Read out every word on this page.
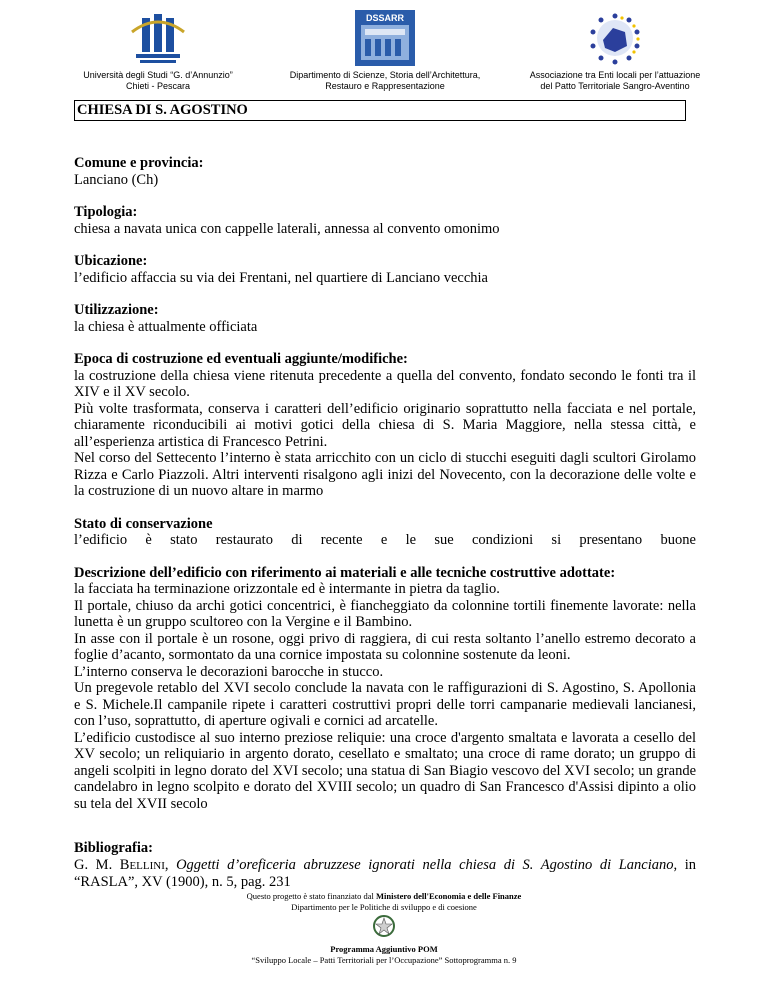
Università degli Studi “G. d’Annunzio”
Chieti - Pescara
DSSARR
Dipartimento di Scienze, Storia dell’Architettura,
Restauro e Rappresentazione
Associazione tra Enti locali per l’attuazione
del Patto Territoriale Sangro-Aventino
CHIESA DI S. AGOSTINO
Comune e provincia:
Lanciano (Ch)
Tipologia:
chiesa a navata unica con cappelle laterali, annessa al convento omonimo
Ubicazione:
l’edificio affaccia su via dei Frentani, nel quartiere di Lanciano vecchia
Utilizzazione:
la chiesa è attualmente officiata
Epoca di costruzione ed eventuali aggiunte/modifiche:

la costruzione della chiesa viene ritenuta precedente a quella del convento, fondato secondo le fonti tra il XIV e il XV secolo.

Più volte trasformata, conserva i caratteri dell’edificio originario soprattutto nella facciata e nel portale, chiaramente riconducibili ai motivi gotici della chiesa di S. Maria Maggiore, nella stessa città, e all’esperienza artistica di Francesco Petrini.

Nel corso del Settecento l’interno è stata arricchito con un ciclo di stucchi eseguiti dagli scultori Girolamo Rizza e Carlo Piazzoli. Altri interventi risalgono agli inizi del Novecento, con la decorazione delle volte e la costruzione di un nuovo altare in marmo

Stato di conservazione
l’edificio è stato restaurato di recente e le sue condizioni si presentano buone
Descrizione dell’edificio con riferimento ai materiali e alle tecniche costruttive adottate:

la facciata ha terminazione orizzontale ed è intermante in pietra da taglio.

Il portale, chiuso da archi gotici concentrici, è fiancheggiato da colonnine tortili finemente lavorate: nella lunetta è un gruppo scultoreo con la Vergine e il Bambino.

In asse con il portale è un rosone, oggi privo di raggiera, di cui resta soltanto l’anello estremo decorato a foglie d’acanto, sormontato da una cornice impostata su colonnine sostenute da leoni.

L’interno conserva le decorazioni barocche in stucco.

Un pregevole retablo del XVI secolo conclude la navata con le raffigurazioni di S. Agostino, S. Apollonia e S. Michele.Il campanile ripete i caratteri costruttivi propri delle torri campanarie medievali lancianesi, con l’uso, soprattutto, di aperture ogivali e cornici ad arcatelle.

L’edificio custodisce al suo interno preziose reliquie: una croce d'argento smaltata e lavorata a cesello del XV secolo; un reliquiario in argento dorato, cesellato e smaltato; una croce di rame dorato; un gruppo di angeli scolpiti in legno dorato del XVI secolo; una statua di San Biagio vescovo del XVI secolo; un grande candelabro in legno scolpito e dorato del XVIII secolo; un quadro di San Francesco d'Assisi dipinto a olio su tela del XVII secolo

Bibliografia:
G. M. BELLINI, Oggetti d’oreficeria abruzzese ignorati nella chiesa di S. Agostino di Lanciano, in “RASLA”, XV (1900), n. 5, pag. 231
Questo progetto è stato finanziato dal Ministero dell'Economia e delle Finanze
Dipartimento per le Politiche di sviluppo e di coesione
Programma Aggiuntivo POM
“Sviluppo Locale – Patti Territoriali per l’Occupazione” Sottoprogramma n. 9
